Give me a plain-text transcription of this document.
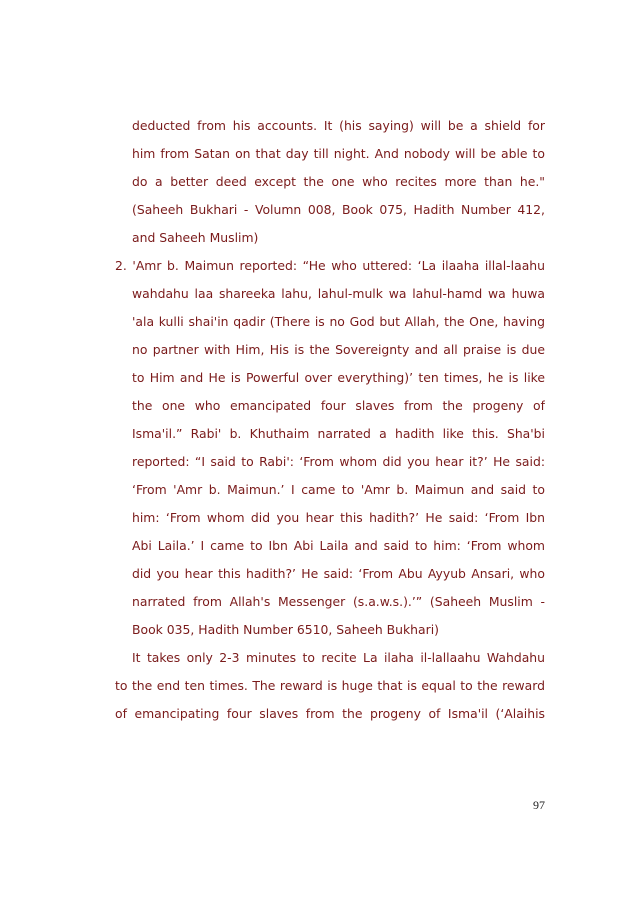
deducted from his accounts. It (his saying) will be a shield for
him from Satan on that day till night. And nobody will be able to
do a better deed except the one who recites more than he."
(Saheeh Bukhari - Volumn 008, Book 075, Hadith Number 412,
and Saheeh Muslim)
2. 'Amr b. Maimun reported: “He who uttered: ‘La ilaaha illal-laahu
wahdahu laa shareeka lahu, lahul-mulk wa lahul-hamd wa huwa
'ala kulli shai'in qadir (There is no God but Allah, the One, having
no partner with Him, His is the Sovereignty and all praise is due
to Him and He is Powerful over everything)’ ten times, he is like
the one who emancipated four slaves from the progeny of
Isma'il.” Rabi' b. Khuthaim narrated a hadith like this. Sha'bi
reported: “I said to Rabi': ‘From whom did you hear it?’ He said:
‘From 'Amr b. Maimun.’ I came to 'Amr b. Maimun and said to
him: ‘From whom did you hear this hadith?’ He said: ‘From Ibn
Abi Laila.’ I came to Ibn Abi Laila and said to him: ‘From whom
did you hear this hadith?’ He said: ‘From Abu Ayyub Ansari, who
narrated from Allah's Messenger (s.a.w.s.).’” (Saheeh Muslim -
Book 035, Hadith Number 6510, Saheeh Bukhari)
It takes only 2-3 minutes to recite La ilaha il-lallaahu Wahdahu
to the end ten times. The reward is huge that is equal to the reward
of emancipating four slaves from the progeny of Isma'il (‘Alaihis
97
